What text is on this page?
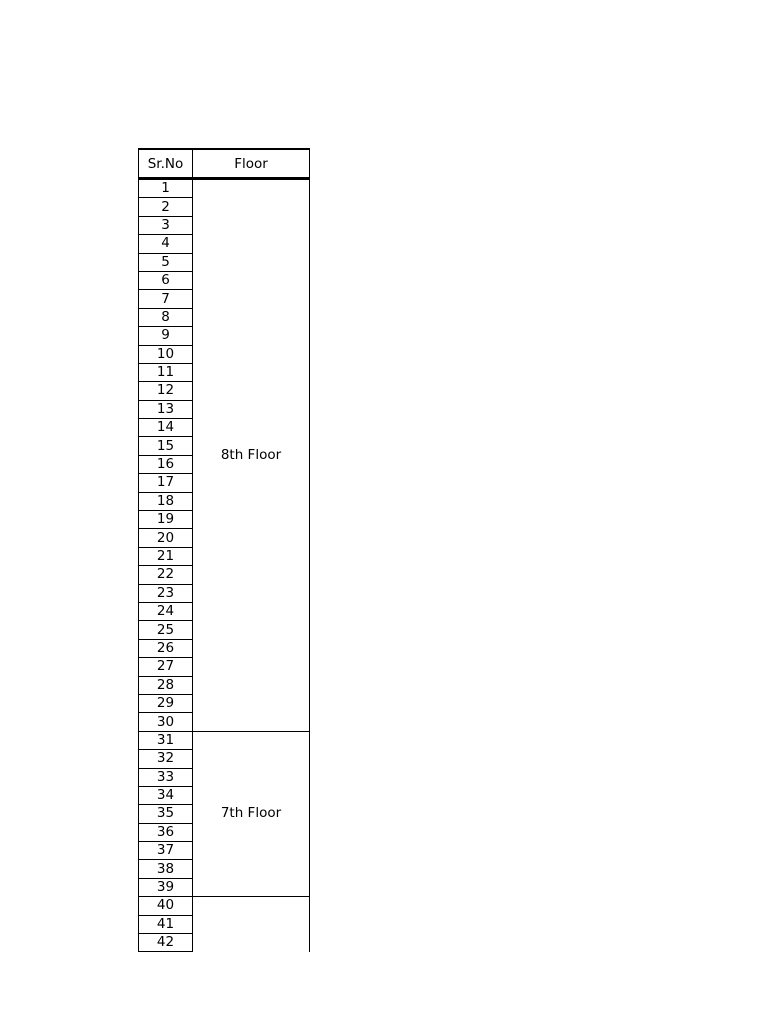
Sr.No	Floor
1	8th Floor
2	
3	
4	
5	
6	
7	
8	
9	
10	
11	
12	
13	
14	
15	
16	
17	
18	
19	
20	
21	
22	
23	
24	
25	
26	
27	
28	
29	
30	
31	7th Floor
32	
33	
34	
35	
36	
37	
38	
39	
40	
41	
42	
